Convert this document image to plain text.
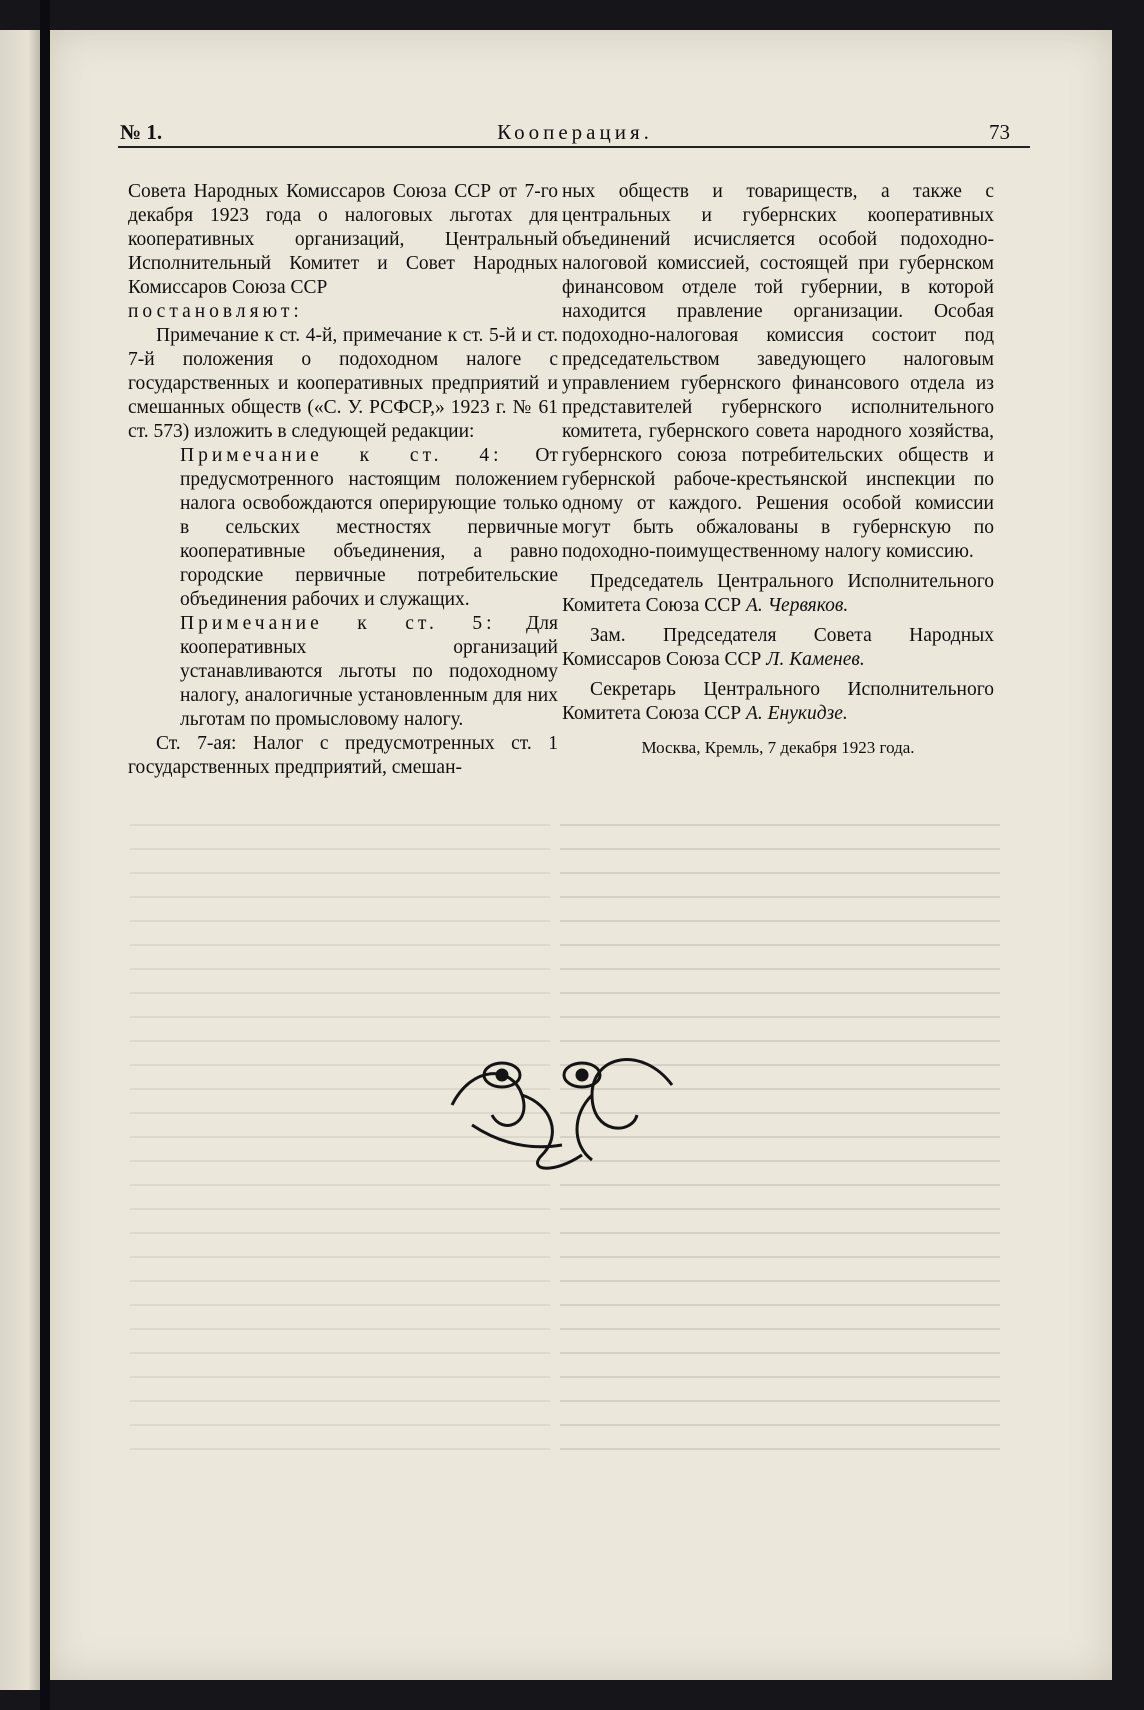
№ 1.	Кооперация.	73

Совета Народных Комиссаров Союза ССР от 7-го декабря 1923 года о налоговых льготах для кооперативных организаций, Центральный Исполнительный Комитет и Совет Народных Комиссаров Союза ССР
постановляют:

Примечание к ст. 4-й, примечание к ст. 5-й и ст. 7-й положения о подоходном налоге с государственных и кооперативных предприятий и смешанных обществ («С. У. РСФСР,» 1923 г. № 61 ст. 573) изложить в следующей редакции:

Примечание к ст. 4: От предусмотренного настоящим положением налога освобождаются оперирующие только в сельских местностях первичные кооперативные объединения, а равно городские первичные потребительские объединения рабочих и служащих.

Примечание к ст. 5: Для кооперативных организаций устанавливаются льготы по подоходному налогу, аналогичные установленным для них льготам по промысловому налогу.

Ст. 7-ая: Налог с предусмотренных ст. 1 государственных предприятий, смешан-

ных обществ и товариществ, а также с центральных и губернских кооперативных объединений исчисляется особой подоходно-налоговой комиссией, состоящей при губернском финансовом отделе той губернии, в которой находится правление организации. Особая подоходно-налоговая комиссия состоит под председательством заведующего налоговым управлением губернского финансового отдела из представителей губернского исполнительного комитета, губернского совета народного хозяйства, губернского союза потребительских обществ и губернской рабоче-крестьянской инспекции по одному от каждого. Решения особой комиссии могут быть обжалованы в губернскую по подоходно-поимущественному налогу комиссию.

Председатель Центрального Исполнительного Комитета Союза ССР А. Червяков.

Зам. Председателя Совета Народных Комиссаров Союза ССР Л. Каменев.

Секретарь Центрального Исполнительного Комитета Союза ССР А. Енукидзе.

Москва, Кремль, 7 декабря 1923 года.
